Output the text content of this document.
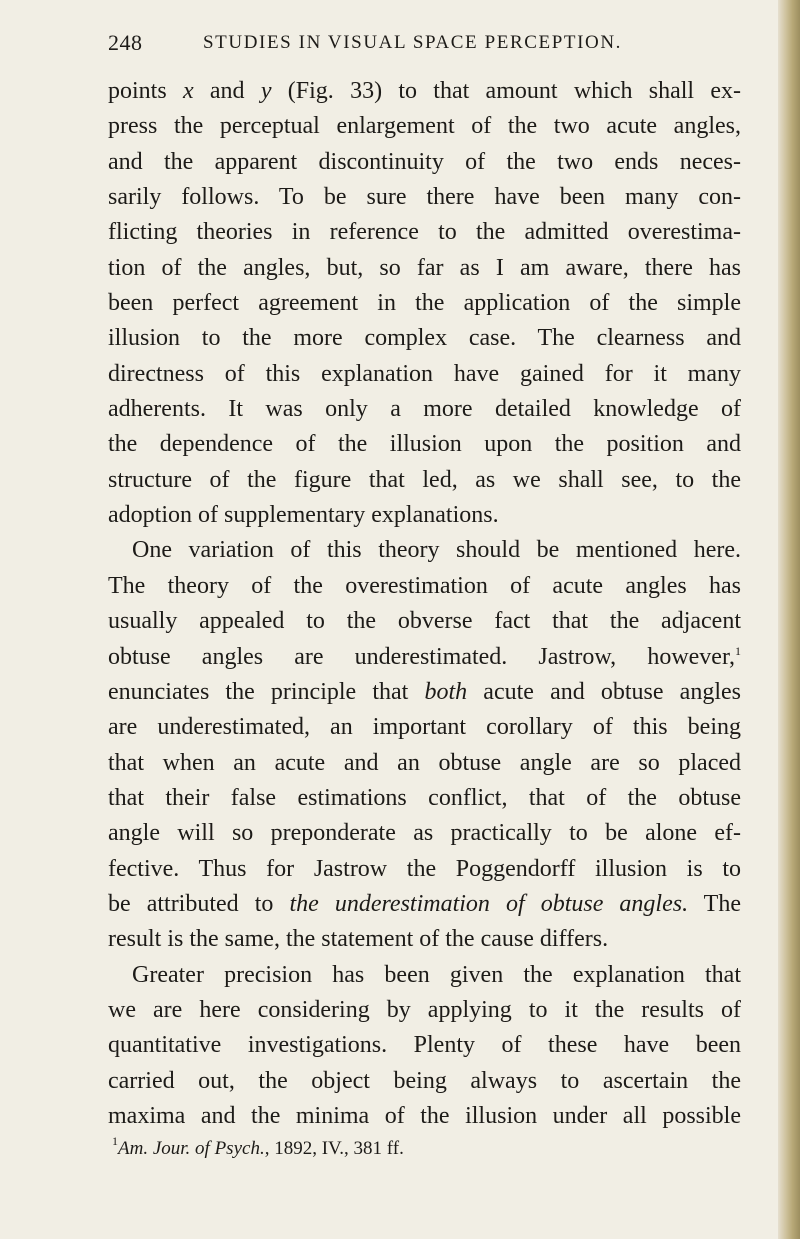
248	STUDIES IN VISUAL SPACE PERCEPTION.
points x and y (Fig. 33) to that amount which shall ex-
press the perceptual enlargement of the two acute angles,
and the apparent discontinuity of the two ends neces-
sarily follows. To be sure there have been many con-
flicting theories in reference to the admitted overestima-
tion of the angles, but, so far as I am aware, there has
been perfect agreement in the application of the simple
illusion to the more complex case. The clearness and
directness of this explanation have gained for it many
adherents. It was only a more detailed knowledge of
the dependence of the illusion upon the position and
structure of the figure that led, as we shall see, to the
adoption of supplementary explanations.
One variation of this theory should be mentioned here.
The theory of the overestimation of acute angles has
usually appealed to the obverse fact that the adjacent
obtuse angles are underestimated. Jastrow, however,$^1$
enunciates the principle that both acute and obtuse angles
are underestimated, an important corollary of this being
that when an acute and an obtuse angle are so placed
that their false estimations conflict, that of the obtuse
angle will so preponderate as practically to be alone ef-
fective. Thus for Jastrow the Poggendorff illusion is to
be attributed to the underestimation of obtuse angles. The
result is the same, the statement of the cause differs.
Greater precision has been given the explanation that
we are here considering by applying to it the results of
quantitative investigations. Plenty of these have been
carried out, the object being always to ascertain the
maxima and the minima of the illusion under all possible
$^1$Am. Jour. of Psych., 1892, IV., 381 ff.
